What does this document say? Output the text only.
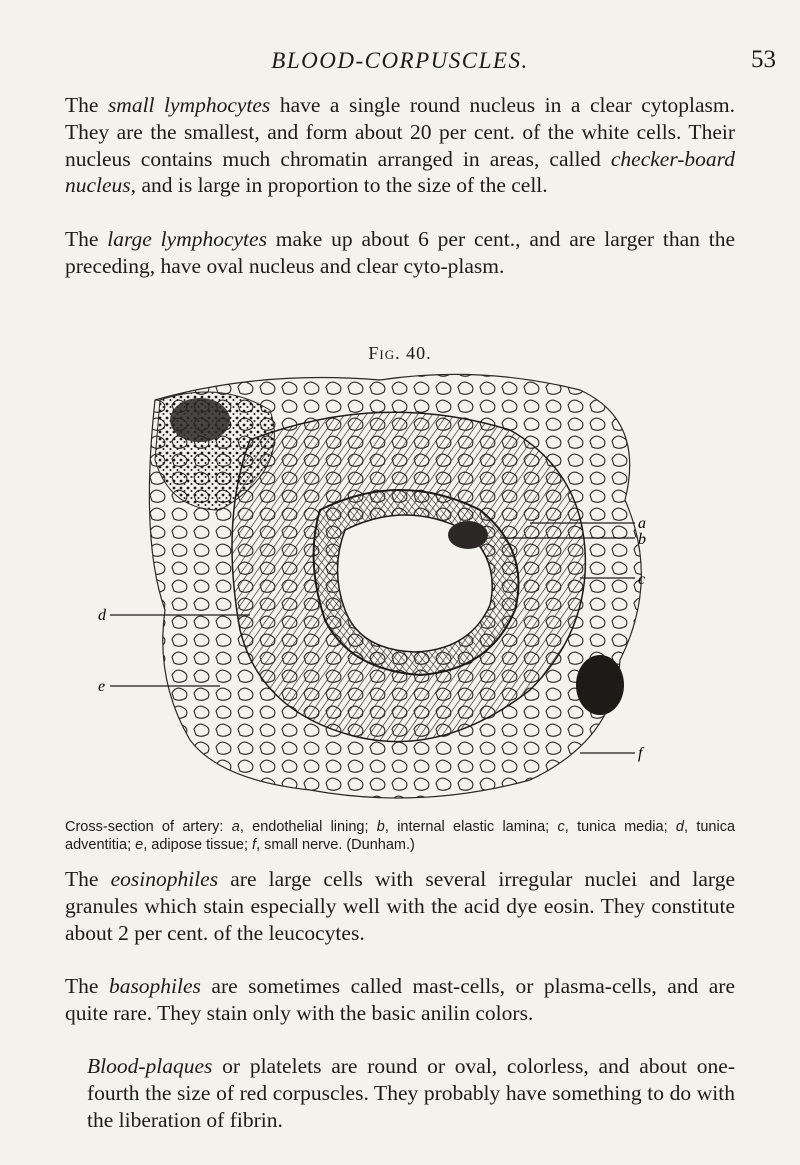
BLOOD-CORPUSCLES.	53

The small lymphocytes have a single round nucleus in a clear cytoplasm. They are the smallest, and form about 20 per cent. of the white cells. Their nucleus contains much chromatin arranged in areas, called checker-board nucleus, and is large in proportion to the size of the cell.

The large lymphocytes make up about 6 per cent., and are larger than the preceding, have oval nucleus and clear cyto-plasm.

Fig. 40.
a
b
c
d
e
f

Cross-section of artery: a, endothelial lining; b, internal elastic lamina; c, tunica media; d, tunica adventitia; e, adipose tissue; f, small nerve. (Dunham.)

The eosinophiles are large cells with several irregular nuclei and large granules which stain especially well with the acid dye eosin. They constitute about 2 per cent. of the leucocytes.

The basophiles are sometimes called mast-cells, or plasma-cells, and are quite rare. They stain only with the basic anilin colors.

Blood-plaques or platelets are round or oval, colorless, and about one-fourth the size of red corpuscles. They probably have something to do with the liberation of fibrin.
